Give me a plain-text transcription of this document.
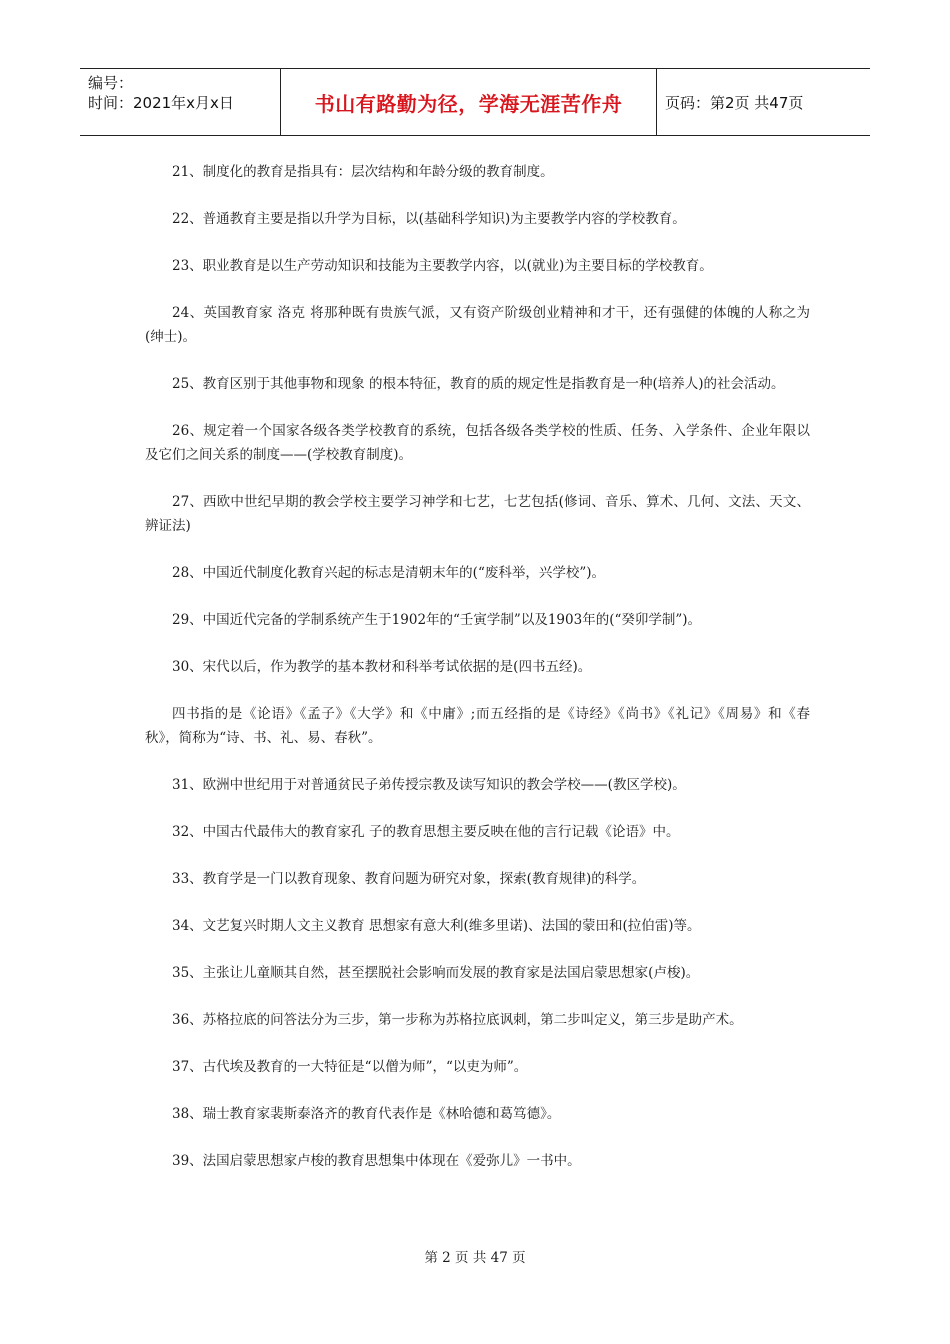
编号：
时间：2021年x月x日	书山有路勤为径，学海无涯苦作舟	页码：第2页 共47页

21、制度化的教育是指具有：层次结构和年龄分级的教育制度。

22、普通教育主要是指以升学为目标，以(基础科学知识)为主要教学内容的学校教育。

23、职业教育是以生产劳动知识和技能为主要教学内容，以(就业)为主要目标的学校教育。

24、英国教育家 洛克 将那种既有贵族气派，又有资产阶级创业精神和才干，还有强健的体魄的人称之为(绅士)。

25、教育区别于其他事物和现象 的根本特征，教育的质的规定性是指教育是一种(培养人)的社会活动。

26、规定着一个国家各级各类学校教育的系统，包括各级各类学校的性质、任务、入学条件、企业年限以及它们之间关系的制度——(学校教育制度)。

27、西欧中世纪早期的教会学校主要学习神学和七艺，七艺包括(修词、音乐、算术、几何、文法、天文、辨证法)

28、中国近代制度化教育兴起的标志是清朝末年的(“废科举，兴学校”)。

29、中国近代完备的学制系统产生于1902年的“壬寅学制”以及1903年的(“癸卯学制”)。

30、宋代以后，作为教学的基本教材和科举考试依据的是(四书五经)。

四书指的是《论语》《孟子》《大学》和《中庸》;而五经指的是《诗经》《尚书》《礼记》《周易》和《春秋》，简称为“诗、书、礼、易、春秋”。

31、欧洲中世纪用于对普通贫民子弟传授宗教及读写知识的教会学校——(教区学校)。

32、中国古代最伟大的教育家孔 子的教育思想主要反映在他的言行记载《论语》中。

33、教育学是一门以教育现象、教育问题为研究对象，探索(教育规律)的科学。

34、文艺复兴时期人文主义教育 思想家有意大利(维多里诺)、法国的蒙田和(拉伯雷)等。

35、主张让儿童顺其自然，甚至摆脱社会影响而发展的教育家是法国启蒙思想家(卢梭)。

36、苏格拉底的问答法分为三步，第一步称为苏格拉底讽刺，第二步叫定义，第三步是助产术。

37、古代埃及教育的一大特征是“以僧为师”，“以吏为师”。

38、瑞士教育家裴斯泰洛齐的教育代表作是《林哈德和葛笃德》。

39、法国启蒙思想家卢梭的教育思想集中体现在《爱弥儿》一书中。

第 2 页 共 47 页
